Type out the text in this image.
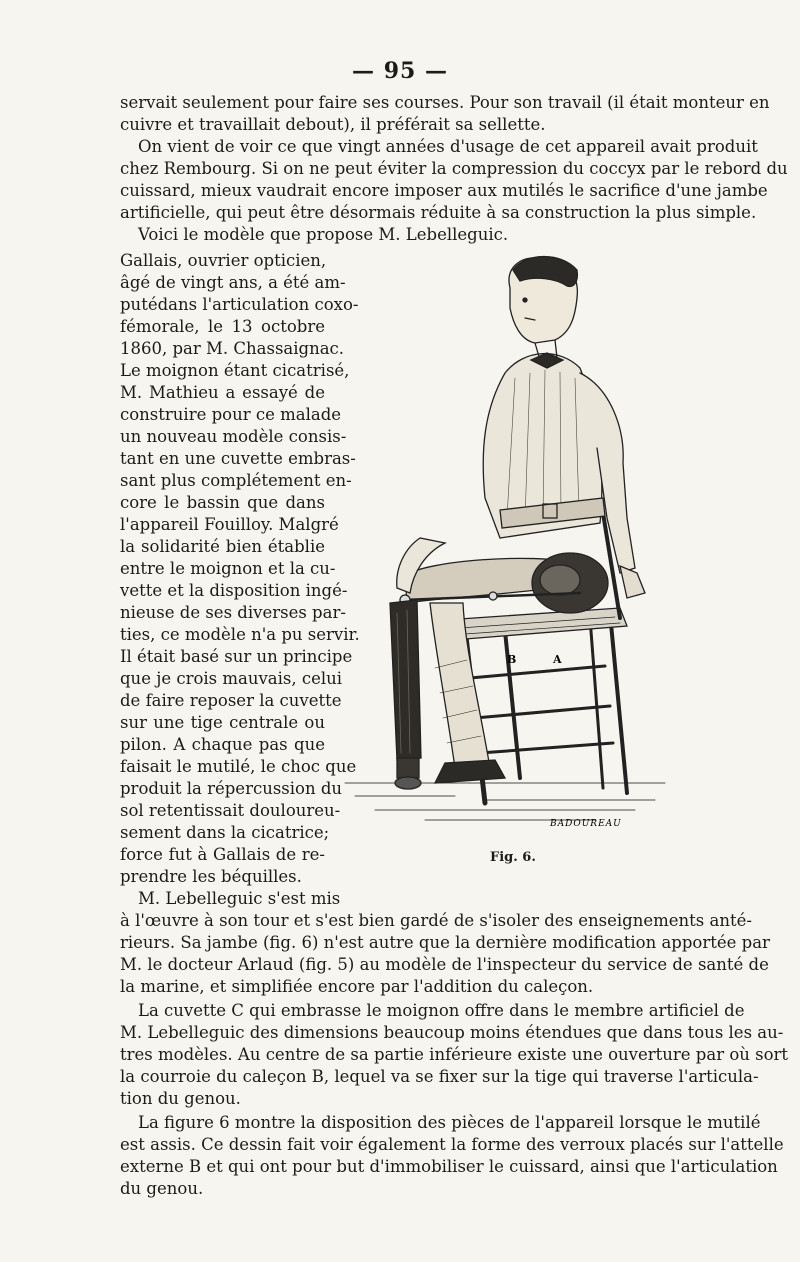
— 95 —
servait seulement pour faire ses courses. Pour son travail (il était monteur en
cuivre et travaillait debout), il préférait sa sellette.
On vient de voir ce que vingt années d'usage de cet appareil avait produit
chez Rembourg. Si on ne peut éviter la compression du coccyx par le rebord du
cuissard, mieux vaudrait encore imposer aux mutilés le sacrifice d'une jambe
artificielle, qui peut être désormais réduite à sa construction la plus simple.
Voici le modèle que propose M. Lebelleguic.
Gallais, ouvrier opticien,
âgé de vingt ans, a été am-
putédans l'articulation coxo-
fémorale, le 13 octobre
1860, par M. Chassaignac.
Le moignon étant cicatrisé,
M. Mathieu a essayé de
construire pour ce malade
un nouveau modèle consis-
tant en une cuvette embras-
sant plus complétement en-
core le bassin que dans
l'appareil Fouilloy. Malgré
la solidarité bien établie
entre le moignon et la cu-
vette et la disposition ingé-
nieuse de ses diverses par-
ties, ce modèle n'a pu servir.
Il était basé sur un principe
que je crois mauvais, celui
de faire reposer la cuvette
sur une tige centrale ou
pilon. A chaque pas que
faisait le mutilé, le choc que
produit la répercussion du
sol retentissait douloureu-
sement dans la cicatrice;
force fut à Gallais de re-
prendre les béquilles.
M. Lebelleguic s'est mis
B	A
BADOUREAU
Fig. 6.
à l'œuvre à son tour et s'est bien gardé de s'isoler des enseignements anté-
rieurs. Sa jambe (fig. 6) n'est autre que la dernière modification apportée par
M. le docteur Arlaud (fig. 5) au modèle de l'inspecteur du service de santé de
la marine, et simplifiée encore par l'addition du caleçon.
La cuvette C qui embrasse le moignon offre dans le membre artificiel de
M. Lebelleguic des dimensions beaucoup moins étendues que dans tous les au-
tres modèles. Au centre de sa partie inférieure existe une ouverture par où sort
la courroie du caleçon B, lequel va se fixer sur la tige qui traverse l'articula-
tion du genou.
La figure 6 montre la disposition des pièces de l'appareil lorsque le mutilé
est assis. Ce dessin fait voir également la forme des verroux placés sur l'attelle
externe B et qui ont pour but d'immobiliser le cuissard, ainsi que l'articulation
du genou.
